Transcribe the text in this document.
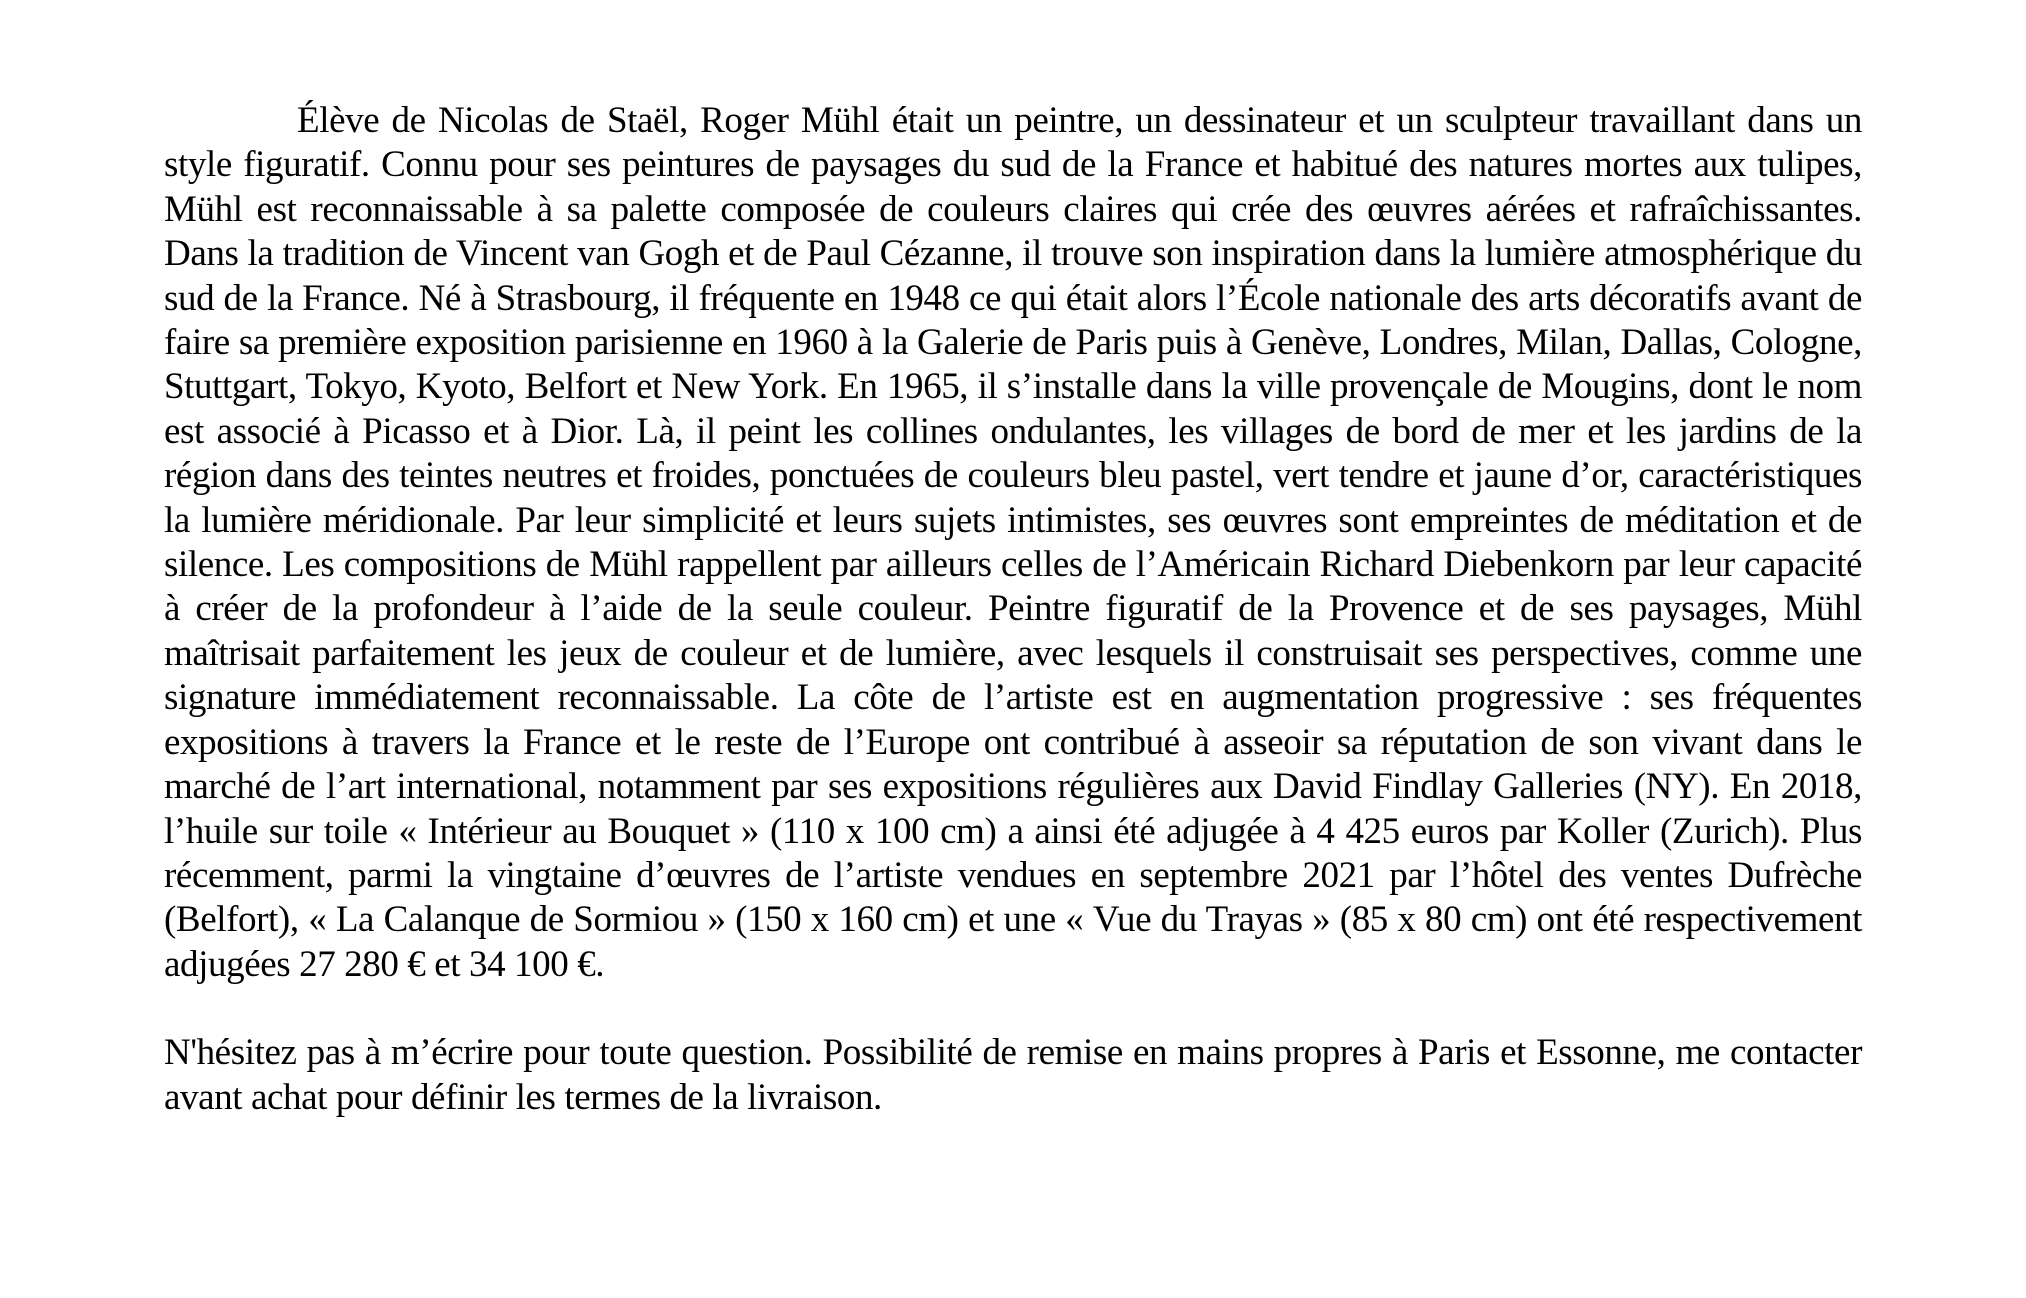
Élève de Nicolas de Staël, Roger Mühl était un peintre, un dessinateur et un sculpteur travaillant dans un style figuratif. Connu pour ses peintures de paysages du sud de la France et habitué des natures mortes aux tulipes, Mühl est reconnaissable à sa palette composée de couleurs claires qui crée des œuvres aérées et rafraîchissantes. Dans la tradition de Vincent van Gogh et de Paul Cézanne, il trouve son inspiration dans la lumière atmosphérique du sud de la France. Né à Strasbourg, il fréquente en 1948 ce qui était alors l’École nationale des arts décoratifs avant de faire sa première exposition parisienne en 1960 à la Galerie de Paris puis à Genève, Londres, Milan, Dallas, Cologne, Stuttgart, Tokyo, Kyoto, Belfort et New York. En 1965, il s’installe dans la ville provençale de Mougins, dont le nom est associé à Picasso et à Dior. Là, il peint les collines ondulantes, les villages de bord de mer et les jardins de la région dans des teintes neutres et froides, ponctuées de couleurs bleu pastel, vert tendre et jaune d’or, caractéristiques la lumière méridionale. Par leur simplicité et leurs sujets intimistes, ses œuvres sont empreintes de méditation et de silence. Les compositions de Mühl rappellent par ailleurs celles de l’Américain Richard Diebenkorn par leur capacité à créer de la profondeur à l’aide de la seule couleur. Peintre figuratif de la Provence et de ses paysages, Mühl maîtrisait parfaitement les jeux de couleur et de lumière, avec lesquels il construisait ses perspectives, comme une signature immédiatement reconnaissable. La côte de l’artiste est en augmentation progressive : ses fréquentes expositions à travers la France et le reste de l’Europe ont contribué à asseoir sa réputation de son vivant dans le marché de l’art international, notamment par ses expositions régulières aux David Findlay Galleries (NY). En 2018, l’huile sur toile « Intérieur au Bouquet » (110 x 100 cm) a ainsi été adjugée à 4 425 euros par Koller (Zurich). Plus récemment, parmi la vingtaine d’œuvres de l’artiste vendues en septembre 2021 par l’hôtel des ventes Dufrèche (Belfort), « La Calanque de Sormiou » (150 x 160 cm) et une « Vue du Trayas » (85 x 80 cm) ont été respectivement adjugées 27 280 € et 34 100 €.

N'hésitez pas à m’écrire pour toute question. Possibilité de remise en mains propres à Paris et Essonne, me contacter avant achat pour définir les termes de la livraison.
